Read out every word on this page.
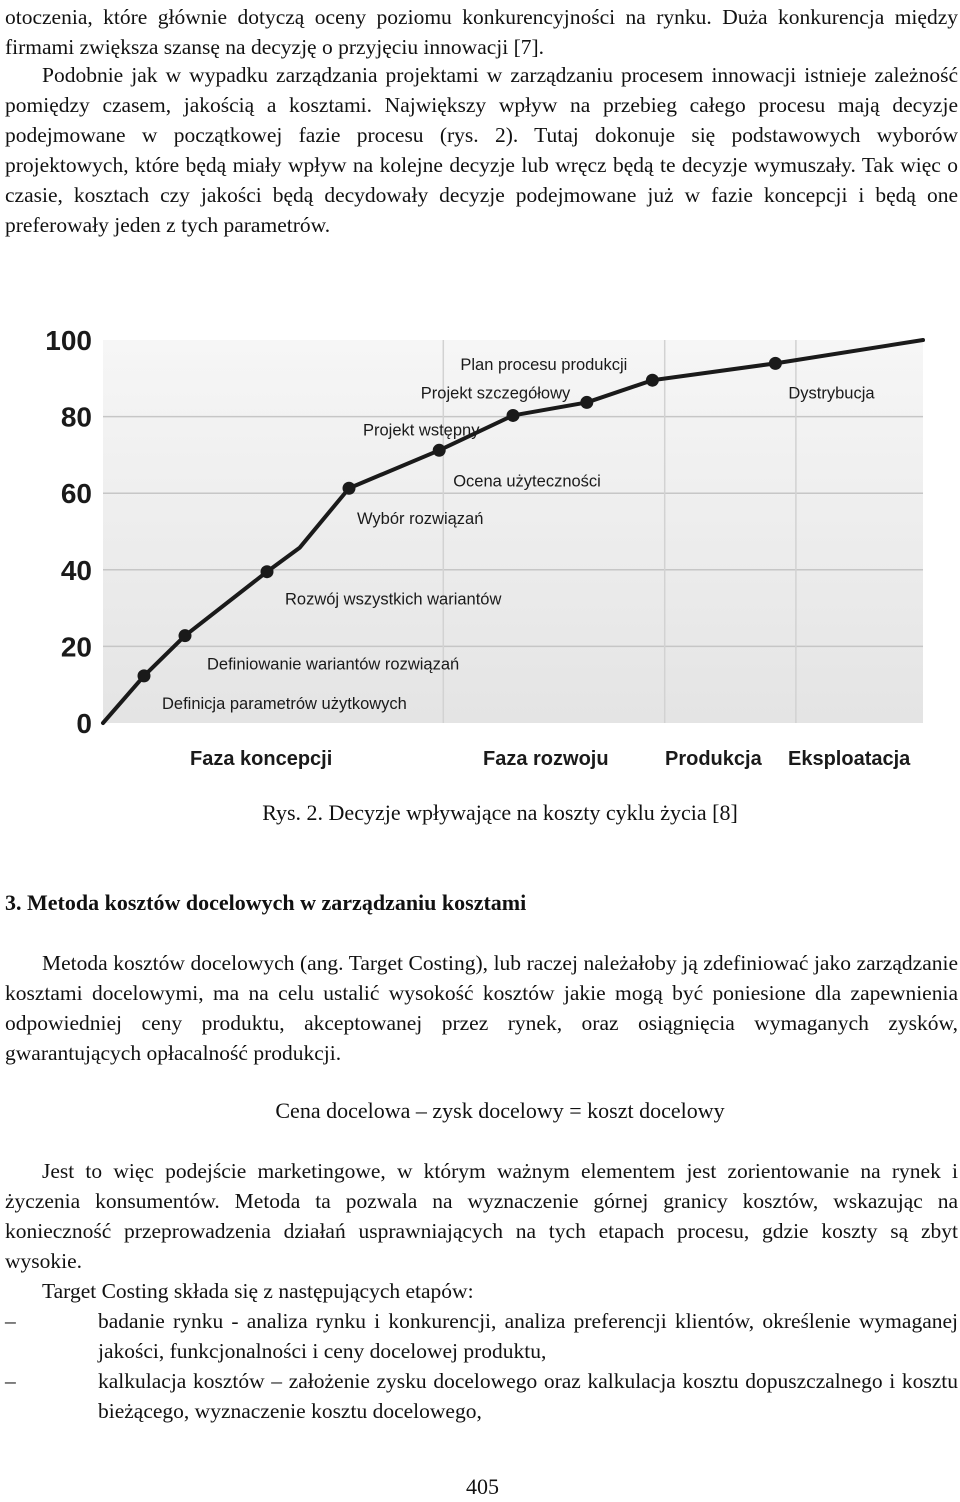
otoczenia, które głównie dotyczą oceny poziomu konkurencyjności na rynku. Duża konkurencja między firmami zwiększa szansę na decyzję o przyjęciu innowacji [7].

Podobnie jak w wypadku zarządzania projektami w zarządzaniu procesem innowacji istnieje zależność pomiędzy czasem, jakością a kosztami. Największy wpływ na przebieg całego procesu mają decyzje podejmowane w początkowej fazie procesu (rys. 2). Tutaj dokonuje się podstawowych wyborów projektowych, które będą miały wpływ na kolejne decyzje lub wręcz będą te decyzje wymuszały. Tak więc o czasie, kosztach czy jakości będą decydowały decyzje podejmowane już w fazie koncepcji i będą one preferowały jeden z tych parametrów.

100
80
60
40
20
0
Faza koncepcji	Faza rozwoju	Produkcja Eksploatacja
Definicja parametrów użytkowych
Definiowanie wariantów rozwiązań
Rozwój wszystkich wariantów
Wybór rozwiązań
Ocena użyteczności
Projekt wstępny
Projekt szczegółowy
Plan procesu produkcji
Dystrybucja
Rys. 2. Decyzje wpływające na koszty cyklu życia [8]
3. Metoda kosztów docelowych w zarządzaniu kosztami

Metoda kosztów docelowych (ang. Target Costing), lub raczej należałoby ją zdefiniować jako zarządzanie kosztami docelowymi, ma na celu ustalić wysokość kosztów jakie mogą być poniesione dla zapewnienia odpowiedniej ceny produktu, akceptowanej przez rynek, oraz osiągnięcia wymaganych zysków, gwarantujących opłacalność produkcji.

Cena docelowa – zysk docelowy = koszt docelowy

Jest to więc podejście marketingowe, w którym ważnym elementem jest zorientowanie na rynek i życzenia konsumentów. Metoda ta pozwala na wyznaczenie górnej granicy kosztów, wskazując na konieczność przeprowadzenia działań usprawniających na tych etapach procesu, gdzie koszty są zbyt wysokie.

Target Costing składa się z następujących etapów:
–	badanie rynku - analiza rynku i konkurencji, analiza preferencji klientów, określenie wymaganej jakości, funkcjonalności i ceny docelowej produktu,
–	kalkulacja kosztów – założenie zysku docelowego oraz kalkulacja kosztu dopuszczalnego i kosztu bieżącego, wyznaczenie kosztu docelowego,
405
